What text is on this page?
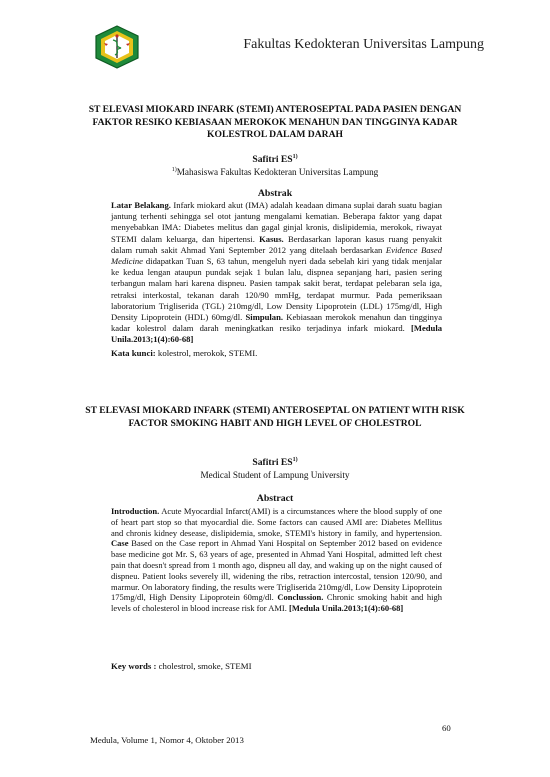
Fakultas Kedokteran Universitas Lampung
ST ELEVASI MIOKARD INFARK (STEMI) ANTEROSEPTAL PADA PASIEN DENGAN FAKTOR RESIKO KEBIASAAN MEROKOK MENAHUN DAN TINGGINYA KADAR KOLESTROL DALAM DARAH
Safitri ES$^{1)}$
$^{1)}$Mahasiswa Fakultas Kedokteran Universitas Lampung
Abstrak
Latar Belakang. Infark miokard akut (IMA) adalah keadaan dimana suplai darah suatu bagian jantung terhenti sehingga sel otot jantung mengalami kematian. Beberapa faktor yang dapat menyebabkan IMA: Diabetes melitus dan gagal ginjal kronis, dislipidemia, merokok, riwayat STEMI dalam keluarga, dan hipertensi. Kasus. Berdasarkan laporan kasus ruang penyakit dalam rumah sakit Ahmad Yani September 2012 yang ditelaah berdasarkan Evidence Based Medicine didapatkan Tuan S, 63 tahun, mengeluh nyeri dada sebelah kiri yang tidak menjalar ke kedua lengan ataupun pundak sejak 1 bulan lalu, dispnea sepanjang hari, pasien sering terbangun malam hari karena dispneu. Pasien tampak sakit berat, terdapat pelebaran sela iga, retraksi interkostal, tekanan darah 120/90 mmHg, terdapat murmur. Pada pemeriksaan laboratorium Trigliserida (TGL) 210mg/dl, Low Density Lipoprotein (LDL) 175mg/dl, High Density Lipoprotein (HDL) 60mg/dl. Simpulan. Kebiasaan merokok menahun dan tingginya kadar kolestrol dalam darah meningkatkan resiko terjadinya infark miokard. [Medula Unila.2013;1(4):60-68]
Kata kunci: kolestrol, merokok, STEMI.
ST ELEVASI MIOKARD INFARK (STEMI) ANTEROSEPTAL ON PATIENT WITH RISK FACTOR SMOKING HABIT AND HIGH LEVEL OF CHOLESTROL
Safitri ES$^{1)}$
Medical Student of Lampung University
Abstract
Introduction. Acute Myocardial Infarct(AMI) is a circumstances where the blood supply of one of heart part stop so that myocardial die. Some factors can caused AMI are: Diabetes Mellitus and chronis kidney desease, dislipidemia, smoke, STEMI's history in family, and hypertension. Case Based on the Case report in Ahmad Yani Hospital on September 2012 based on evidence base medicine got Mr. S, 63 years of age, presented in Ahmad Yani Hospital, admitted left chest pain that doesn't spread from 1 month ago, dispneu all day, and waking up on the night caused of dispneu. Patient looks severely ill, widening the ribs, retraction intercostal, tension 120/90, and marmur. On laboratory finding, the results were Trigliserida 210mg/dl, Low Density Lipoprotein 175mg/dl, High Density Lipoprotein 60mg/dl. Conclussion. Chronic smoking habit and high levels of cholesterol in blood increase risk for AMI. [Medula Unila.2013;1(4):60-68]
Key words : cholestrol, smoke, STEMI
60
Medula, Volume 1, Nomor 4, Oktober 2013
